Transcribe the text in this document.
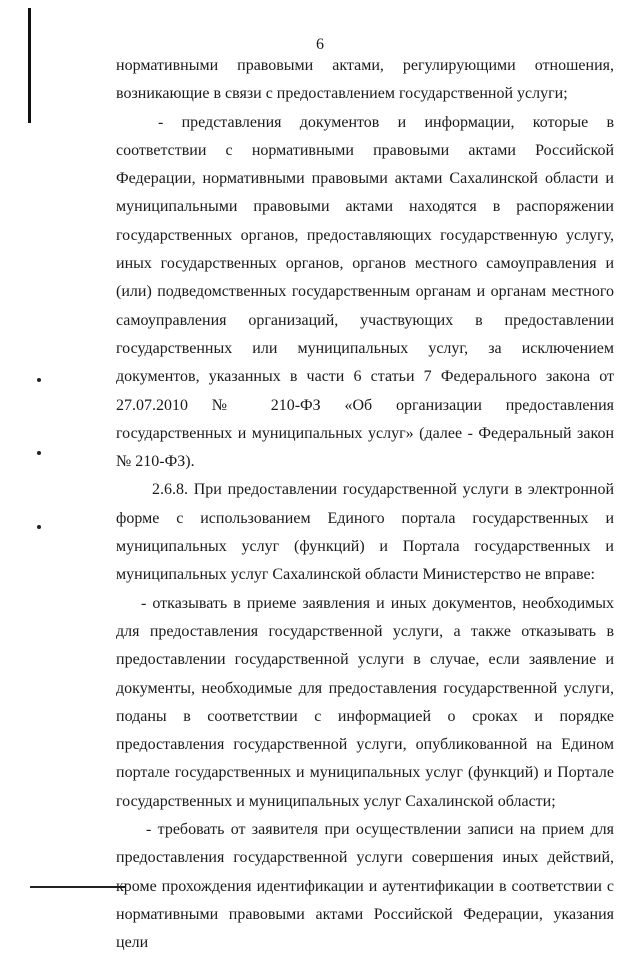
6

нормативными правовыми актами, регулирующими отношения, возникающие в связи с предоставлением государственной услуги;

- представления документов и информации, которые в соответствии с нормативными правовыми актами Российской Федерации, нормативными правовыми актами Сахалинской области и муниципальными правовыми актами находятся в распоряжении государственных органов, предоставляющих государственную услугу, иных государственных органов, органов местного самоуправления и (или) подведомственных государственным органам и органам местного самоуправления организаций, участвующих в предоставлении государственных или муниципальных услуг, за исключением документов, указанных в части 6 статьи 7 Федерального закона от 27.07.2010 № 210-ФЗ «Об организации предоставления государственных и муниципальных услуг» (далее - Федеральный закон № 210-ФЗ).

2.6.8. При предоставлении государственной услуги в электронной форме с использованием Единого портала государственных и муниципальных услуг (функций) и Портала государственных и муниципальных услуг Сахалинской области Министерство не вправе:

- отказывать в приеме заявления и иных документов, необходимых для предоставления государственной услуги, а также отказывать в предоставлении государственной услуги в случае, если заявление и документы, необходимые для предоставления государственной услуги, поданы в соответствии с информацией о сроках и порядке предоставления государственной услуги, опубликованной на Едином портале государственных и муниципальных услуг (функций) и Портале государственных и муниципальных услуг Сахалинской области;

- требовать от заявителя при осуществлении записи на прием для предоставления государственной услуги совершения иных действий, кроме прохождения идентификации и аутентификации в соответствии с нормативными правовыми актами Российской Федерации, указания цели
